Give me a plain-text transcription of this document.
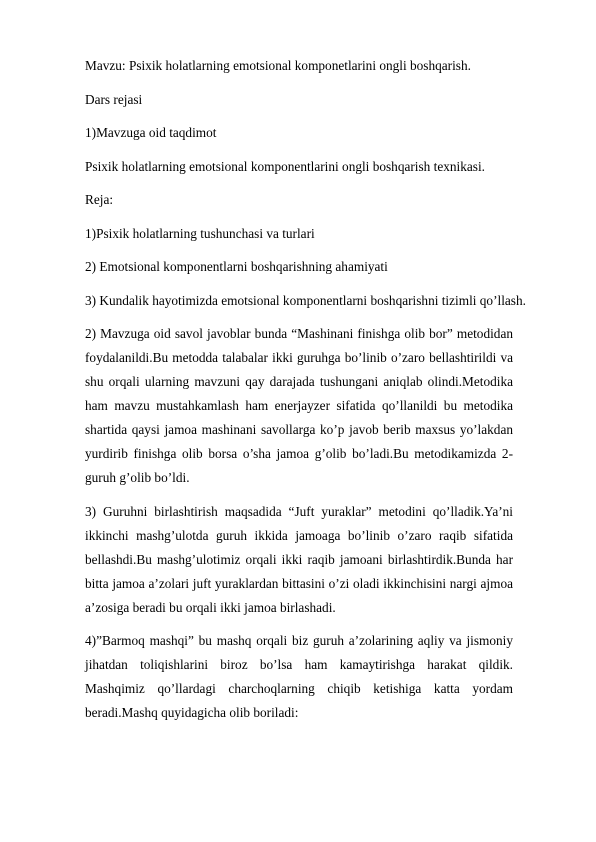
Mavzu: Psixik holatlarning emotsional komponetlarini ongli boshqarish.

Dars rejasi

1)Mavzuga oid taqdimot

Psixik holatlarning emotsional komponentlarini ongli boshqarish texnikasi.

Reja:

1)Psixik holatlarning tushunchasi va turlari

2) Emotsional komponentlarni boshqarishning ahamiyati

3) Kundalik hayotimizda emotsional komponentlarni boshqarishni tizimli qo’llash.

2) Mavzuga oid savol javoblar bunda “Mashinani finishga olib bor” metodidan foydalanildi.Bu metodda talabalar ikki guruhga bo’linib o’zaro bellashtirildi va shu orqali ularning mavzuni qay darajada tushungani aniqlab olindi.Metodika ham mavzu mustahkamlash ham enerjayzer sifatida qo’llanildi bu metodika shartida qaysi jamoa mashinani savollarga ko’p javob berib maxsus yo’lakdan yurdirib finishga olib borsa o’sha jamoa g’olib bo’ladi.Bu metodikamizda 2- guruh g’olib bo’ldi.

3) Guruhni birlashtirish maqsadida “Juft yuraklar” metodini qo’lladik.Ya’ni ikkinchi mashg’ulotda guruh ikkida jamoaga bo’linib o’zaro raqib sifatida bellashdi.Bu mashg’ulotimiz orqali ikki raqib jamoani birlashtirdik.Bunda har bitta jamoa a’zolari juft yuraklardan bittasini o’zi oladi ikkinchisini nargi ajmoa a’zosiga beradi bu orqali ikki jamoa birlashadi.

4)”Barmoq mashqi” bu mashq orqali biz guruh a’zolarining aqliy va jismoniy jihatdan toliqishlarini biroz bo’lsa ham kamaytirishga harakat qildik. Mashqimiz qo’llardagi charchoqlarning chiqib ketishiga katta yordam beradi.Mashq quyidagicha olib boriladi:
